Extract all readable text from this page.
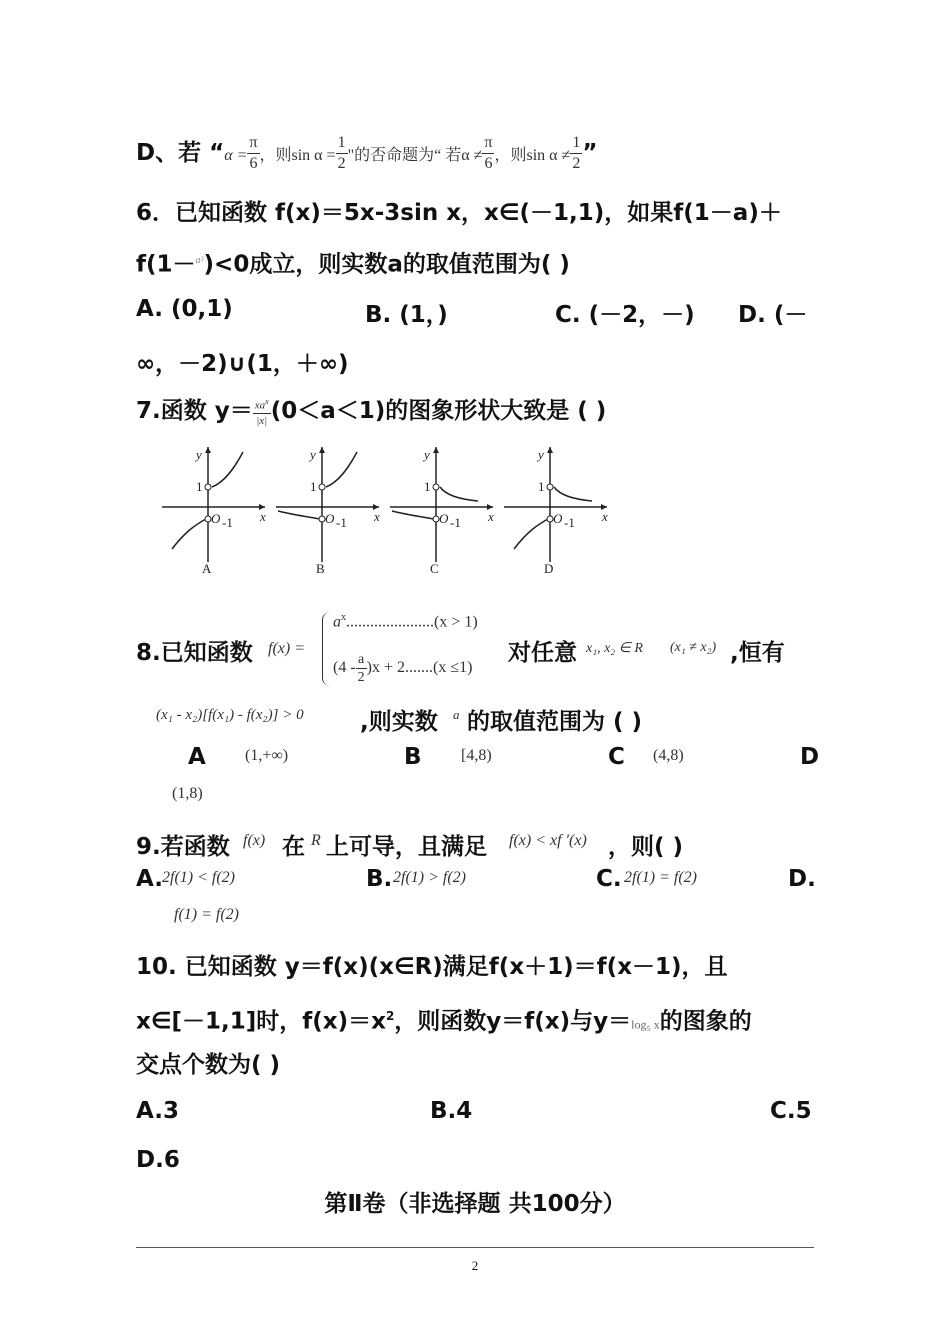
D、若 “$\alpha = \frac{\pi}{6}$ ，则$\sin \alpha = \frac{1}{2}$ "的否命题为“ 若$\alpha \ne \frac{\pi}{6}$ ，则$\sin \alpha \ne \frac{1}{2}$ ”
6．已知函数 f(x)＝5x-3sin x，x∈(－1,1)，如果f(1－a)＋
f(1－$^{a^2}$)<0成立，则实数a的取值范围为( )
A. (0,1)	B. (1，)	C. (－2，－) D. (－
∞，－2)∪(1，＋∞)
7.函数 $y= \frac{xa^x}{|x|} (0<a<1)$的图象形状大致是 ( )
y
x
1
O -1
A
y
x
1
O -1
B
y
x
1
O -1
C
y
x
1
O -1
D
8.已知函数 f(x) =
$a^x......................(x > 1)$
$(4 - \frac{a}{2} )x + 2.......(x \le 1)$
对任意 x₁, x₂ ∈ R (x₁ ≠ x₂) ,恒有
(x₁ - x₂)[f(x₁) - f(x₂)] > 0 ,则实数 a 的取值范围为 ( )
A (1,+∞)	B [4,8)	C (4,8)	D
(1,8)
9.若函数 f(x) 在 R 上可导，且满足 f(x) < xf ′(x) ，则( )
A. 2f(1) < f(2)	B. 2f(1) > f(2)	C. 2f(1) = f(2)	D.
f(1) = f(2)
10. 已知函数 y＝f(x)(x∈R)满足f(x＋1)＝f(x－1)，且
x∈[－1,1]时，$f(x)=x^2$，则函数y＝f(x)与y＝log₅ x的图象的
交点个数为( )
A.3	B.4	C.5
D.6
第Ⅱ卷（非选择题 共100分）
2
